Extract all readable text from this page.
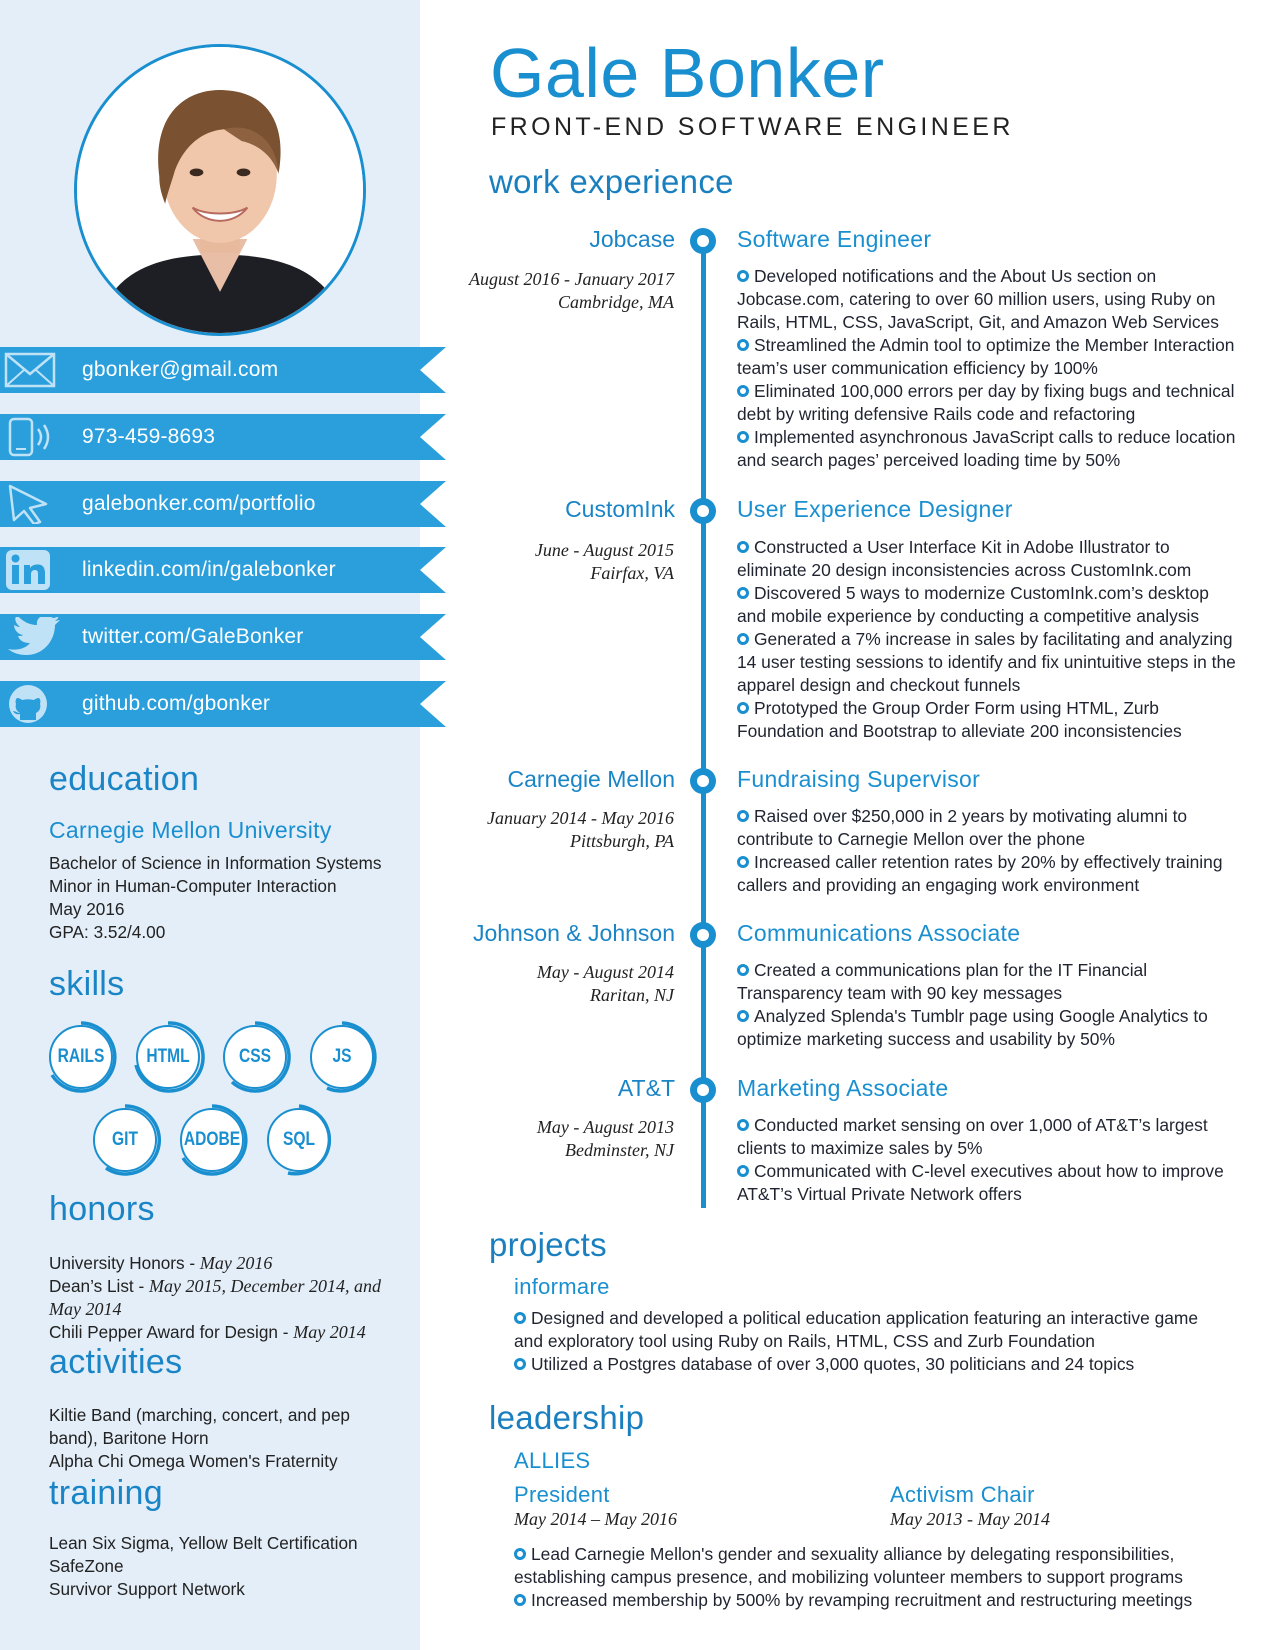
gbonker@gmail.com
973-459-8693
galebonker.com/portfolio
linkedin.com/in/galebonker
twitter.com/GaleBonker
github.com/gbonker
education
Carnegie Mellon University
Bachelor of Science in Information Systems
Minor in Human-Computer Interaction
May 2016
GPA: 3.52/4.00
skills
RAILS	HTML	CSS	JS
GIT	ADOBE	SQL
honors
University Honors - May 2016
Dean’s List - May 2015, December 2014, and May 2014
Chili Pepper Award for Design - May 2014
activities
Kiltie Band (marching, concert, and pep band), Baritone Horn
Alpha Chi Omega Women's Fraternity
training
Lean Six Sigma, Yellow Belt Certification
SafeZone
Survivor Support Network
Gale Bonker
FRONT-END SOFTWARE ENGINEER
work experience
Jobcase
August 2016 - January 2017
Cambridge, MA
Software Engineer
Developed notifications and the About Us section on Jobcase.com, catering to over 60 million users, using Ruby on Rails, HTML, CSS, JavaScript, Git, and Amazon Web Services
Streamlined the Admin tool to optimize the Member Interaction team’s user communication efficiency by 100%
Eliminated 100,000 errors per day by fixing bugs and technical debt by writing defensive Rails code and refactoring
Implemented asynchronous JavaScript calls to reduce location and search pages’ perceived loading time by 50%
CustomInk
June - August 2015
Fairfax, VA
User Experience Designer
Constructed a User Interface Kit in Adobe Illustrator to eliminate 20 design inconsistencies across CustomInk.com
Discovered 5 ways to modernize CustomInk.com’s desktop and mobile experience by conducting a competitive analysis
Generated a 7% increase in sales by facilitating and analyzing 14 user testing sessions to identify and fix unintuitive steps in the apparel design and checkout funnels
Prototyped the Group Order Form using HTML, Zurb Foundation and Bootstrap to alleviate 200 inconsistencies
Carnegie Mellon
January 2014 - May 2016
Pittsburgh, PA
Fundraising Supervisor
Raised over $250,000 in 2 years by motivating alumni to contribute to Carnegie Mellon over the phone
Increased caller retention rates by 20% by effectively training callers and providing an engaging work environment
Johnson & Johnson
May - August 2014
Raritan, NJ
Communications Associate
Created a communications plan for the IT Financial Transparency team with 90 key messages
Analyzed Splenda's Tumblr page using Google Analytics to optimize marketing success and usability by 50%
AT&T
May - August 2013
Bedminster, NJ
Marketing Associate
Conducted market sensing on over 1,000 of AT&T’s largest clients to maximize sales by 5%
Communicated with C-level executives about how to improve AT&T’s Virtual Private Network offers
projects
informare
Designed and developed a political education application featuring an interactive game and exploratory tool using Ruby on Rails, HTML, CSS and Zurb Foundation
Utilized a Postgres database of over 3,000 quotes, 30 politicians and 24 topics
leadership
ALLIES
President
May 2014 – May 2016
Activism Chair
May 2013 - May 2014
Lead Carnegie Mellon's gender and sexuality alliance by delegating responsibilities, establishing campus presence, and mobilizing volunteer members to support programs
Increased membership by 500% by revamping recruitment and restructuring meetings
